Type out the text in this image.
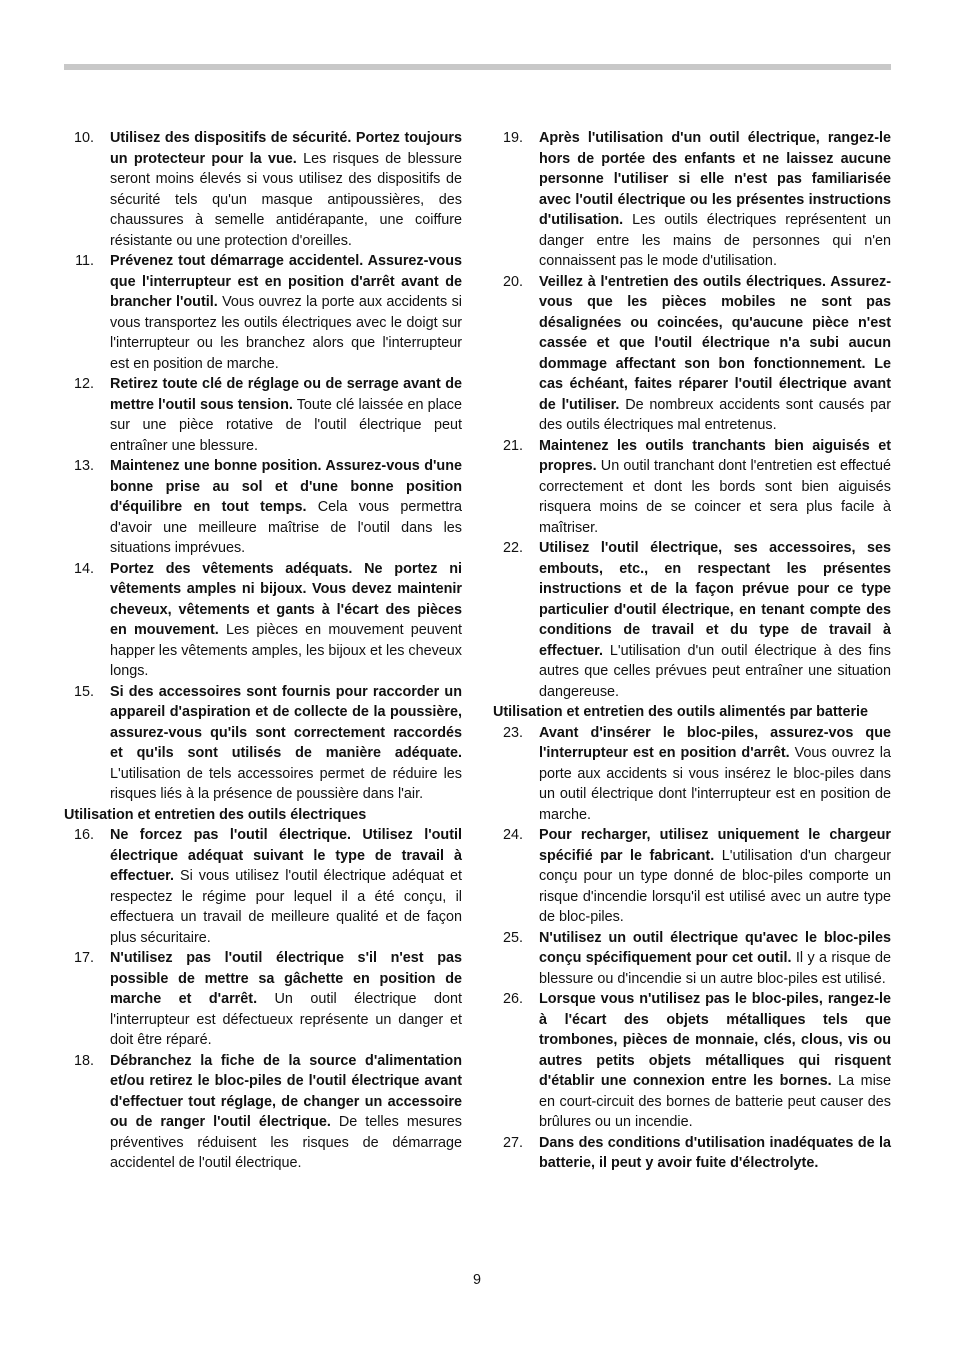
10. Utilisez des dispositifs de sécurité. Portez toujours un protecteur pour la vue. Les risques de blessure seront moins élevés si vous utilisez des dispositifs de sécurité tels qu'un masque antipoussières, des chaussures à semelle antidérapante, une coiffure résistante ou une protection d'oreilles.
11. Prévenez tout démarrage accidentel. Assurez-vous que l'interrupteur est en position d'arrêt avant de brancher l'outil. Vous ouvrez la porte aux accidents si vous transportez les outils électriques avec le doigt sur l'interrupteur ou les branchez alors que l'interrupteur est en position de marche.
12. Retirez toute clé de réglage ou de serrage avant de mettre l'outil sous tension. Toute clé laissée en place sur une pièce rotative de l'outil électrique peut entraîner une blessure.
13. Maintenez une bonne position. Assurez-vous d'une bonne prise au sol et d'une bonne position d'équilibre en tout temps. Cela vous permettra d'avoir une meilleure maîtrise de l'outil dans les situations imprévues.
14. Portez des vêtements adéquats. Ne portez ni vêtements amples ni bijoux. Vous devez maintenir cheveux, vêtements et gants à l'écart des pièces en mouvement. Les pièces en mouvement peuvent happer les vêtements amples, les bijoux et les cheveux longs.
15. Si des accessoires sont fournis pour raccorder un appareil d'aspiration et de collecte de la poussière, assurez-vous qu'ils sont correctement raccordés et qu'ils sont utilisés de manière adéquate. L'utilisation de tels accessoires permet de réduire les risques liés à la présence de poussière dans l'air.
Utilisation et entretien des outils électriques
16. Ne forcez pas l'outil électrique. Utilisez l'outil électrique adéquat suivant le type de travail à effectuer. Si vous utilisez l'outil électrique adéquat et respectez le régime pour lequel il a été conçu, il effectuera un travail de meilleure qualité et de façon plus sécuritaire.
17. N'utilisez pas l'outil électrique s'il n'est pas possible de mettre sa gâchette en position de marche et d'arrêt. Un outil électrique dont l'interrupteur est défectueux représente un danger et doit être réparé.
18. Débranchez la fiche de la source d'alimentation et/ou retirez le bloc-piles de l'outil électrique avant d'effectuer tout réglage, de changer un accessoire ou de ranger l'outil électrique. De telles mesures préventives réduisent les risques de démarrage accidentel de l'outil électrique.
19. Après l'utilisation d'un outil électrique, rangez-le hors de portée des enfants et ne laissez aucune personne l'utiliser si elle n'est pas familiarisée avec l'outil électrique ou les présentes instructions d'utilisation. Les outils électriques représentent un danger entre les mains de personnes qui n'en connaissent pas le mode d'utilisation.
20. Veillez à l'entretien des outils électriques. Assurez-vous que les pièces mobiles ne sont pas désalignées ou coincées, qu'aucune pièce n'est cassée et que l'outil électrique n'a subi aucun dommage affectant son bon fonctionnement. Le cas échéant, faites réparer l'outil électrique avant de l'utiliser. De nombreux accidents sont causés par des outils électriques mal entretenus.
21. Maintenez les outils tranchants bien aiguisés et propres. Un outil tranchant dont l'entretien est effectué correctement et dont les bords sont bien aiguisés risquera moins de se coincer et sera plus facile à maîtriser.
22. Utilisez l'outil électrique, ses accessoires, ses embouts, etc., en respectant les présentes instructions et de la façon prévue pour ce type particulier d'outil électrique, en tenant compte des conditions de travail et du type de travail à effectuer. L'utilisation d'un outil électrique à des fins autres que celles prévues peut entraîner une situation dangereuse.
Utilisation et entretien des outils alimentés par batterie
23. Avant d'insérer le bloc-piles, assurez-vos que l'interrupteur est en position d'arrêt. Vous ouvrez la porte aux accidents si vous insérez le bloc-piles dans un outil électrique dont l'interrupteur est en position de marche.
24. Pour recharger, utilisez uniquement le chargeur spécifié par le fabricant. L'utilisation d'un chargeur conçu pour un type donné de bloc-piles comporte un risque d'incendie lorsqu'il est utilisé avec un autre type de bloc-piles.
25. N'utilisez un outil électrique qu'avec le bloc-piles conçu spécifiquement pour cet outil. Il y a risque de blessure ou d'incendie si un autre bloc-piles est utilisé.
26. Lorsque vous n'utilisez pas le bloc-piles, rangez-le à l'écart des objets métalliques tels que trombones, pièces de monnaie, clés, clous, vis ou autres petits objets métalliques qui risquent d'établir une connexion entre les bornes. La mise en court-circuit des bornes de batterie peut causer des brûlures ou un incendie.
27. Dans des conditions d'utilisation inadéquates de la batterie, il peut y avoir fuite d'électrolyte.
9
